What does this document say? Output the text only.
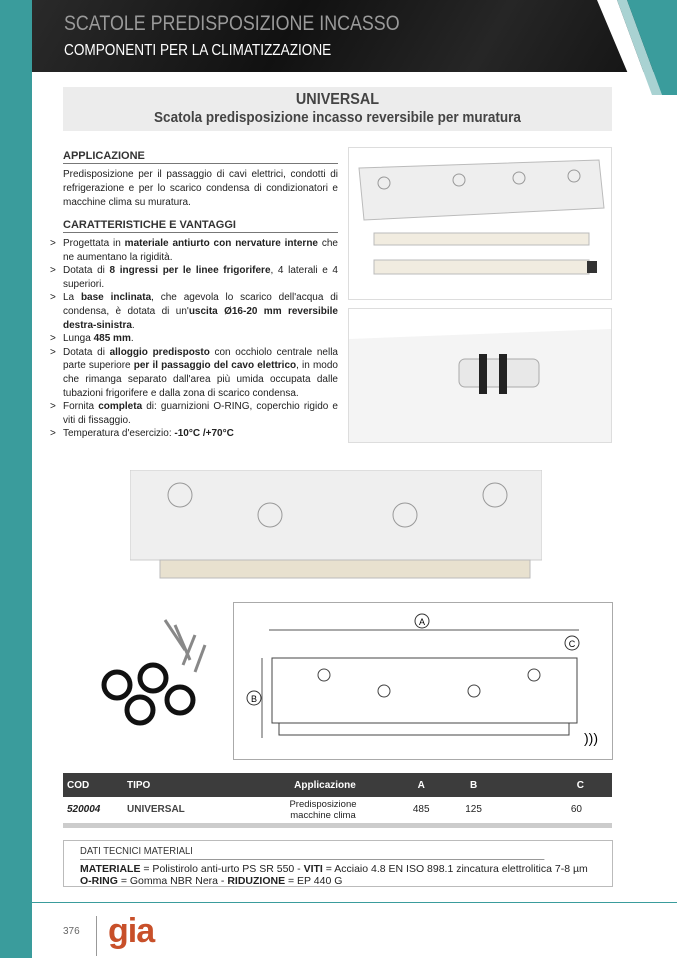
SCATOLE PREDISPOSIZIONE INCASSO
COMPONENTI PER LA CLIMATIZZAZIONE
UNIVERSAL
Scatola predisposizione incasso reversibile per muratura
APPLICAZIONE

Predisposizione per il passaggio di cavi elettrici, condotti di refrigerazione e per lo scarico condensa di condizionatori e macchine clima su muratura.

CARATTERISTICHE E VANTAGGI
> Progettata in materiale antiurto con nervature interne che ne aumentano la rigidità.
> Dotata di 8 ingressi per le linee frigorifere, 4 laterali e 4 superiori.
> La base inclinata, che agevola lo scarico dell'acqua di condensa, è dotata di un'uscita Ø16-20 mm reversibile destra-sinistra.
> Lunga 485 mm.
> Dotata di alloggio predisposto con occhiolo centrale nella parte superiore per il passaggio del cavo elettrico, in modo che rimanga separato dall'area più umida occupata dalle tubazioni frigorifere e dalla zona di scarico condensa.
> Fornita completa di: guarnizioni O-RING, coperchio rigido e viti di fissaggio.
> Temperatura d'esercizio: -10°C /+70°C
A
C
B
)))
COD	TIPO	Applicazione	A	B	C
520004	UNIVERSAL	Predisposizione macchine clima	485	125	60
DATI TECNICI MATERIALI
MATERIALE = Polistirolo anti-urto PS SR 550 - VITI = Acciaio 4.8 EN ISO 898.1 zincatura elettrolitica 7-8 µm
O-RING = Gomma NBR Nera - RIDUZIONE = EP 440 G
376 gia
